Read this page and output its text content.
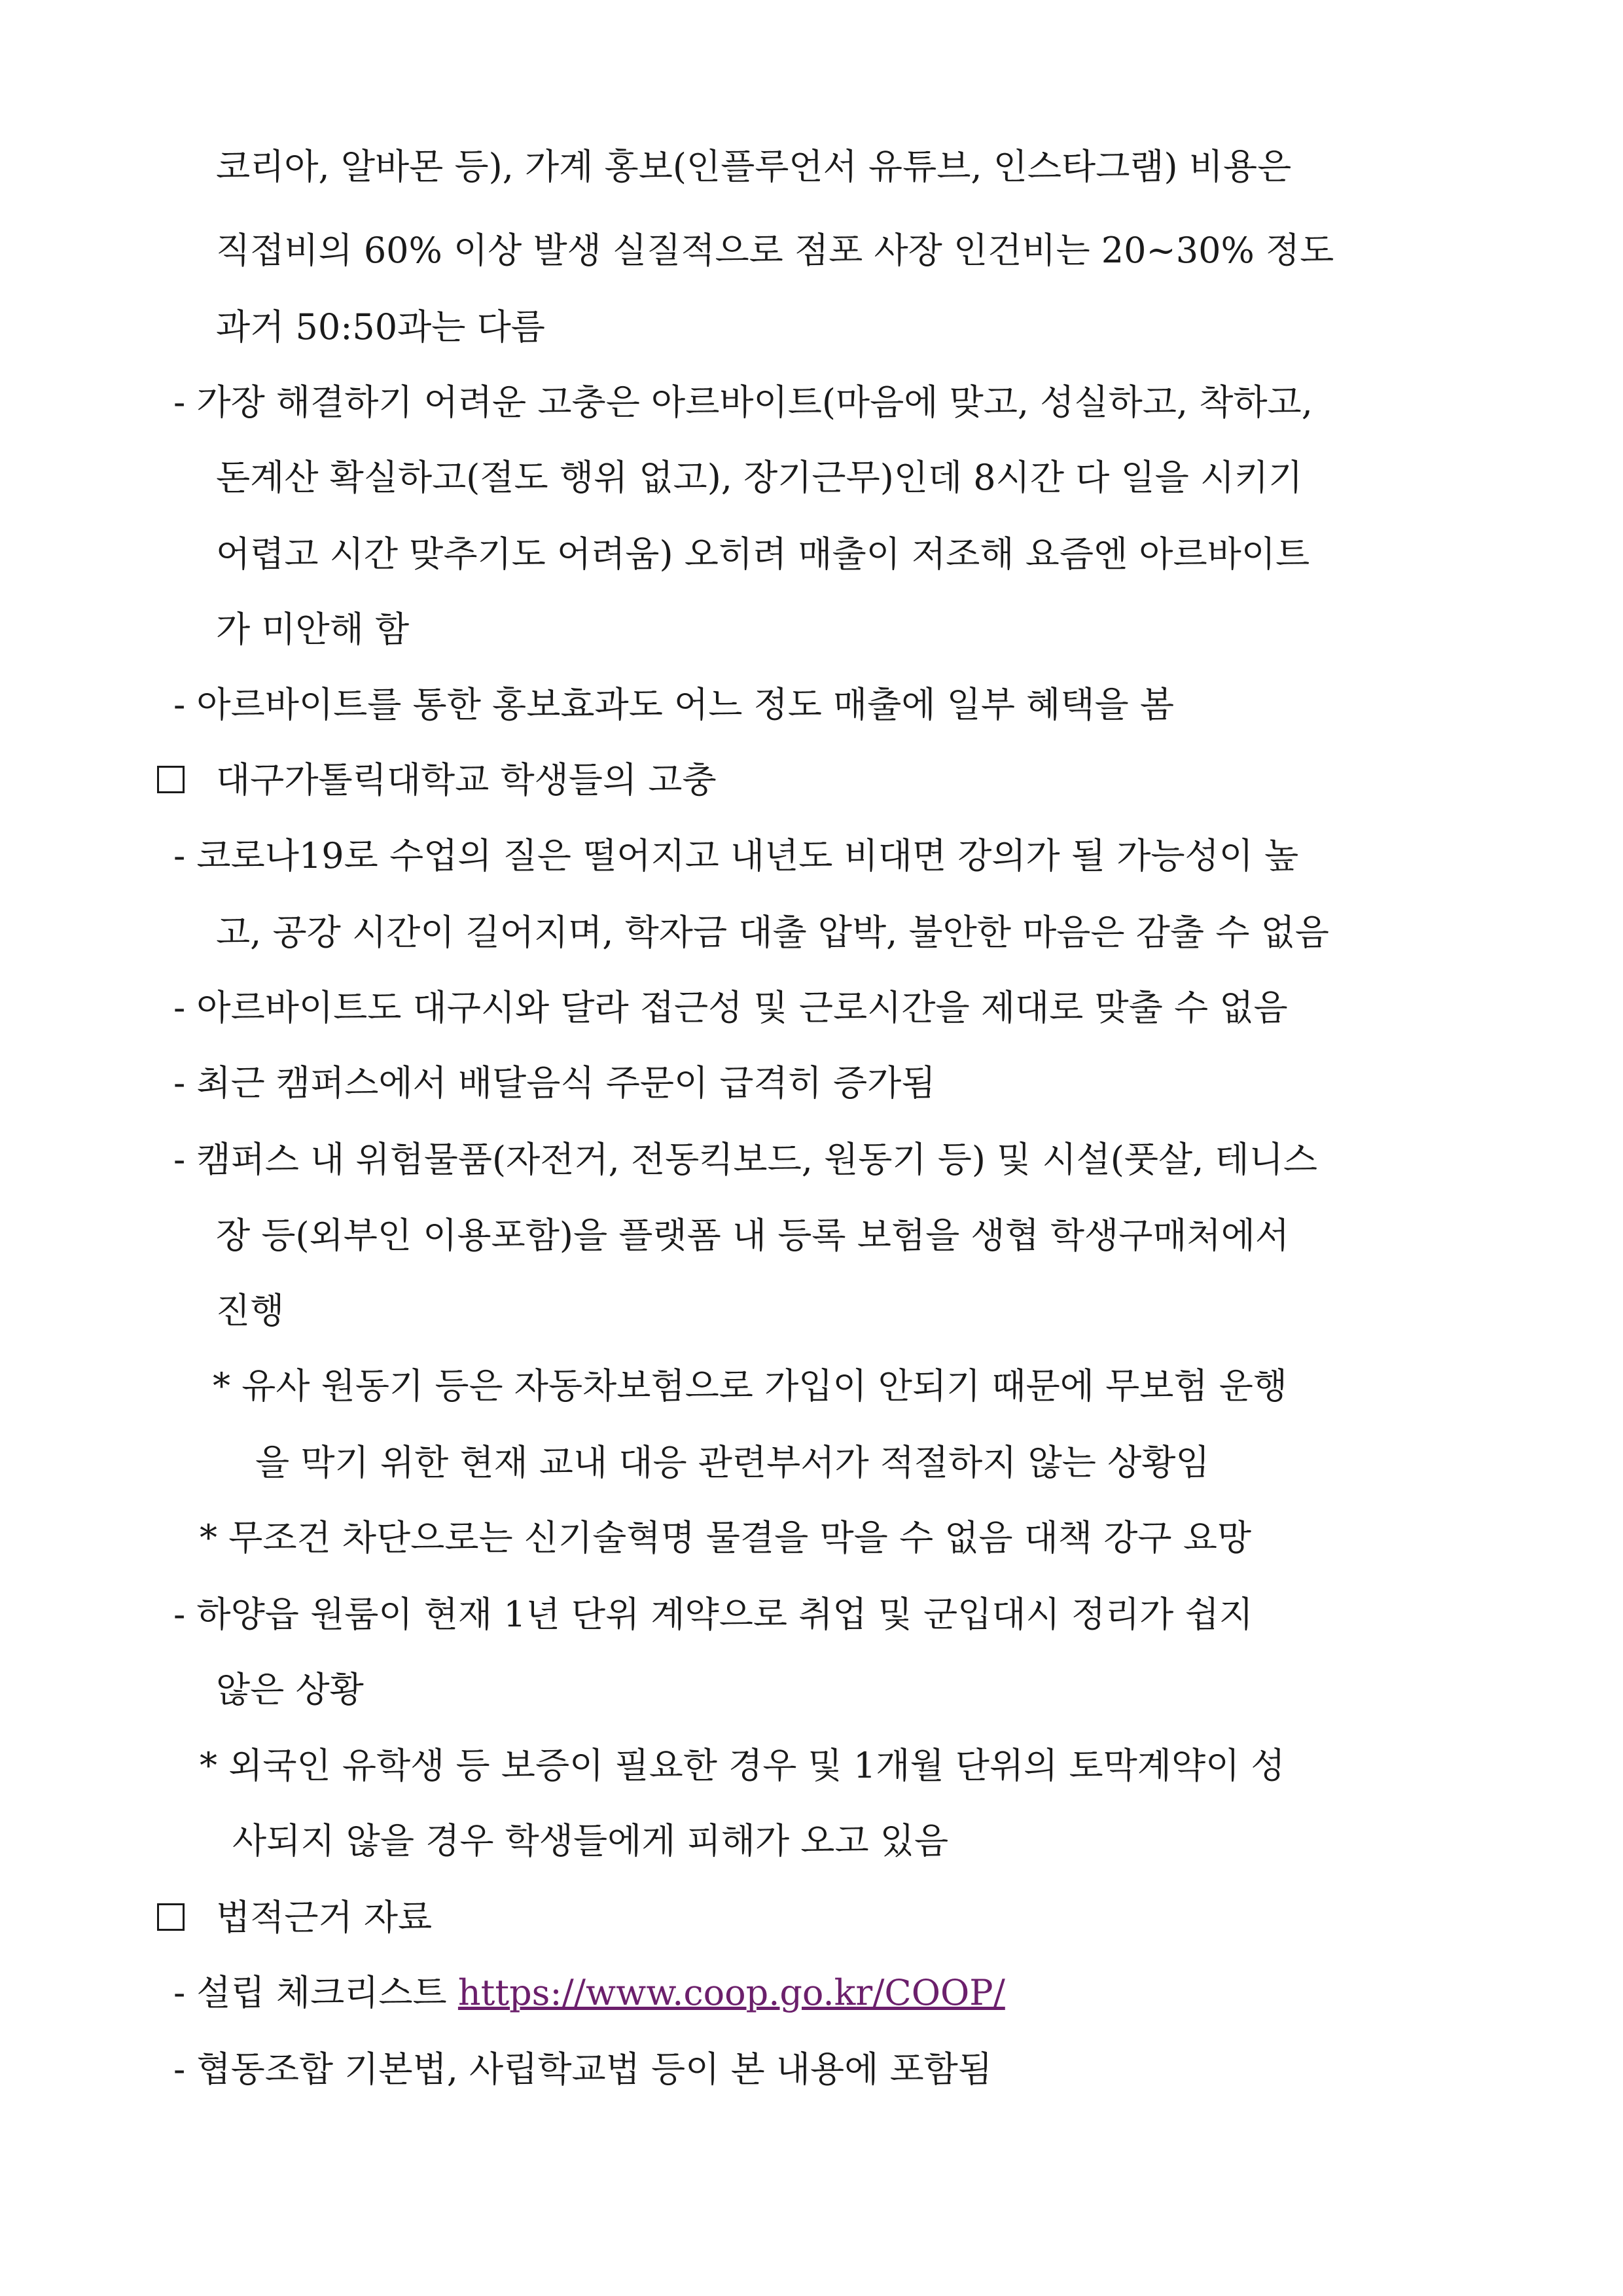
코리아, 알바몬 등), 가계 홍보(인플루언서 유튜브, 인스타그램) 비용은
직접비의 60% 이상 발생 실질적으로 점포 사장 인건비는 20~30% 정도
과거 50:50과는 다름
- 가장 해결하기 어려운 고충은 아르바이트(마음에 맞고, 성실하고, 착하고,
돈계산 확실하고(절도 행위 없고), 장기근무)인데 8시간 다 일을 시키기
어렵고 시간 맞추기도 어려움) 오히려 매출이 저조해 요즘엔 아르바이트
가 미안해 함
- 아르바이트를 통한 홍보효과도 어느 정도 매출에 일부 혜택을 봄
대구가톨릭대학교 학생들의 고충
- 코로나19로 수업의 질은 떨어지고 내년도 비대면 강의가 될 가능성이 높
고, 공강 시간이 길어지며, 학자금 대출 압박, 불안한 마음은 감출 수 없음
- 아르바이트도 대구시와 달라 접근성 및 근로시간을 제대로 맞출 수 없음
- 최근 캠퍼스에서 배달음식 주문이 급격히 증가됨
- 캠퍼스 내 위험물품(자전거, 전동킥보드, 원동기 등) 및 시설(풋살, 테니스
장 등(외부인 이용포함)을 플랫폼 내 등록 보험을 생협 학생구매처에서
진행
* 유사 원동기 등은 자동차보험으로 가입이 안되기 때문에 무보험 운행
을 막기 위한 현재 교내 대응 관련부서가 적절하지 않는 상황임
* 무조건 차단으로는 신기술혁명 물결을 막을 수 없음 대책 강구 요망
- 하양읍 원룸이 현재 1년 단위 계약으로 취업 및 군입대시 정리가 쉽지
않은 상황
* 외국인 유학생 등 보증이 필요한 경우 및 1개월 단위의 토막계약이 성
사되지 않을 경우 학생들에게 피해가 오고 있음
법적근거 자료
- 설립 체크리스트 https://www.coop.go.kr/COOP/
- 협동조합 기본법, 사립학교법 등이 본 내용에 포함됨
